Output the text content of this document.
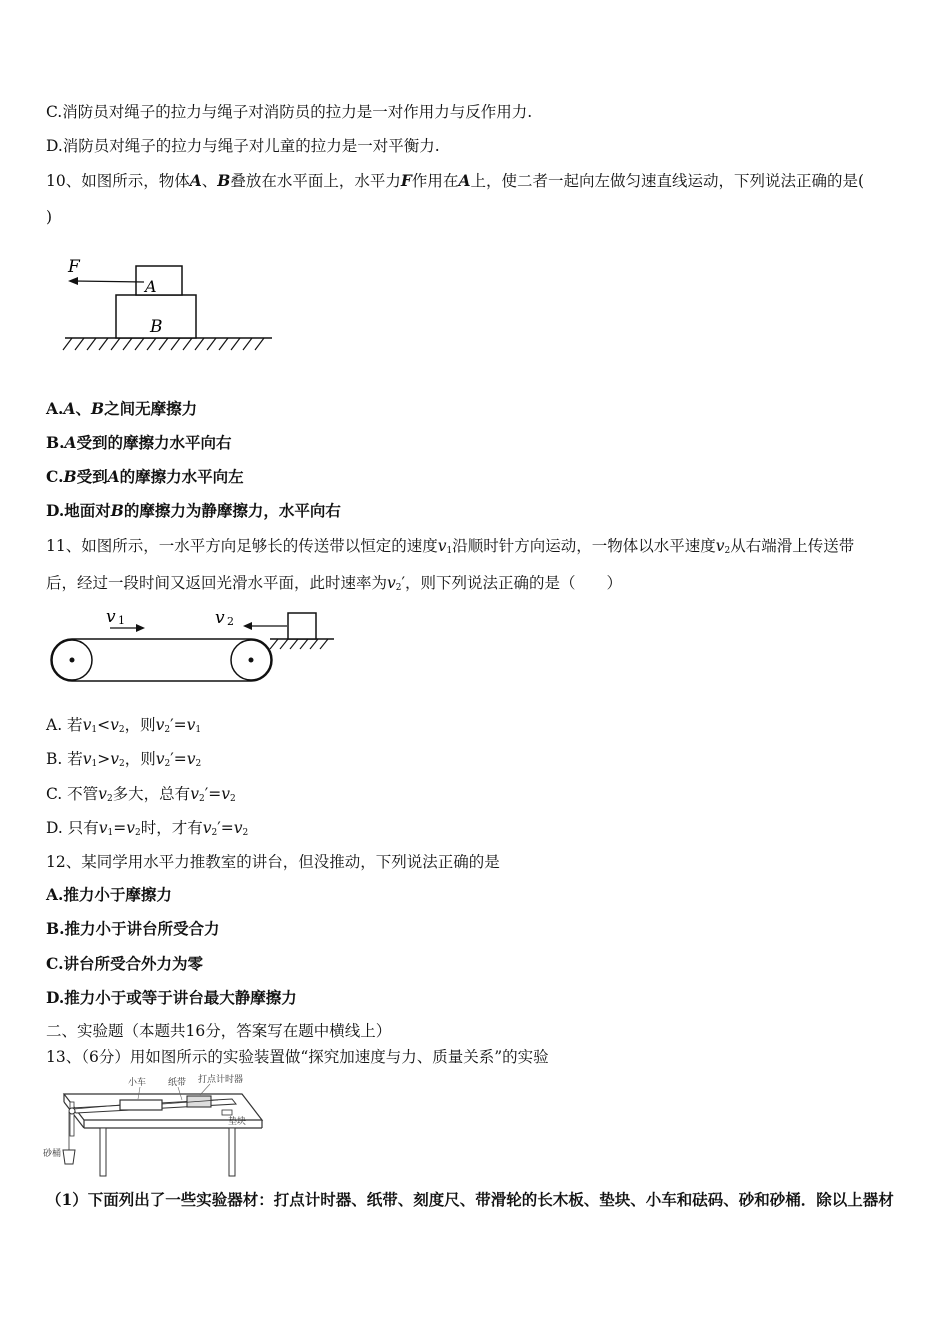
C.消防员对绳子的拉力与绳子对消防员的拉力是一对作用力与反作用力.
D.消防员对绳子的拉力与绳子对儿童的拉力是一对平衡力.
10、如图所示，物体A、B叠放在水平面上，水平力F作用在A上，使二者一起向左做匀速直线运动，下列说法正确的是(
)
F
A
B
A.A、B之间无摩擦力
B.A受到的摩擦力水平向右
C.B受到A的摩擦力水平向左
D.地面对B的摩擦力为静摩擦力，水平向右
11、如图所示，一水平方向足够长的传送带以恒定的速度$v_1$沿顺时针方向运动，一物体以水平速度$v_2$从右端滑上传送带
后，经过一段时间又返回光滑水平面，此时速率为$v_2'$，则下列说法正确的是（　　）
v 1	v 2
A. 若$v_1<v_2$，则$v_2'=v_1$
B. 若$v_1>v_2$，则$v_2'=v_2$
C. 不管$v_2$多大，总有$v_2'=v_2$
D. 只有$v_1=v_2$时，才有$v_2'=v_2$
12、某同学用水平力推教室的讲台，但没推动，下列说法正确的是
A.推力小于摩擦力
B.推力小于讲台所受合力
C.讲台所受合外力为零
D.推力小于或等于讲台最大静摩擦力
二、实验题（本题共16分，答案写在题中横线上）
13、（6分）用如图所示的实验装置做“探究加速度与力、质量关系”的实验
小车 纸带 打点计时器
垫块
砂桶
（1）下面列出了一些实验器材：打点计时器、纸带、刻度尺、带滑轮的长木板、垫块、小车和砝码、砂和砂桶．除以上器材
